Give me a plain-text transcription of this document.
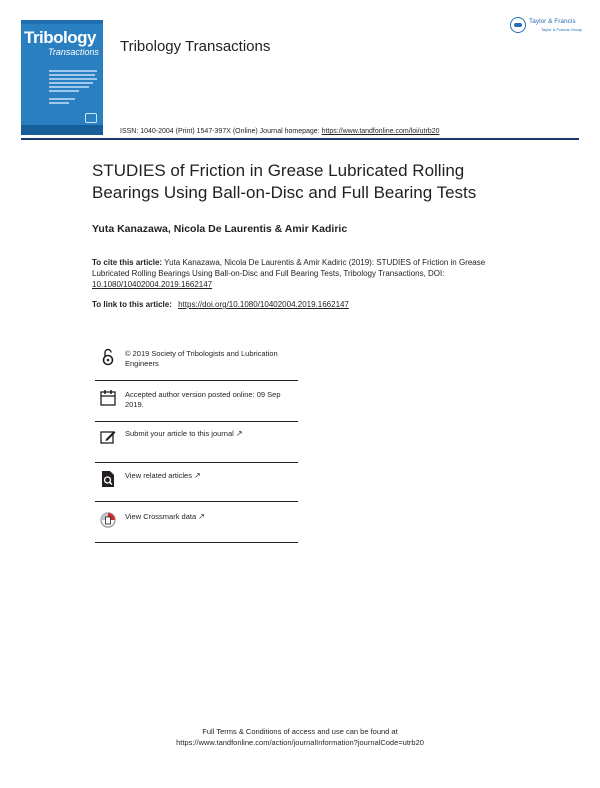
Tribology
Transactions Tribology Transactions
ISSN: 1040-2004 (Print) 1547-397X (Online) Journal homepage: https://www.tandfonline.com/loi/utrb20
Taylor & Francis
Taylor & Francis Group
STUDIES of Friction in Grease Lubricated Rolling Bearings Using Ball-on-Disc and Full Bearing Tests
Yuta Kanazawa, Nicola De Laurentis & Amir Kadiric
To cite this article: Yuta Kanazawa, Nicola De Laurentis & Amir Kadiric (2019): STUDIES of Friction in Grease Lubricated Rolling Bearings Using Ball-on-Disc and Full Bearing Tests, Tribology Transactions, DOI: 10.1080/10402004.2019.1662147
To link to this article: https://doi.org/10.1080/10402004.2019.1662147
© 2019 Society of Tribologists and Lubrication Engineers
Accepted author version posted online: 09 Sep 2019.
Submit your article to this journal ↗
View related articles ↗
View Crossmark data ↗
Full Terms & Conditions of access and use can be found at
https://www.tandfonline.com/action/journalInformation?journalCode=utrb20
